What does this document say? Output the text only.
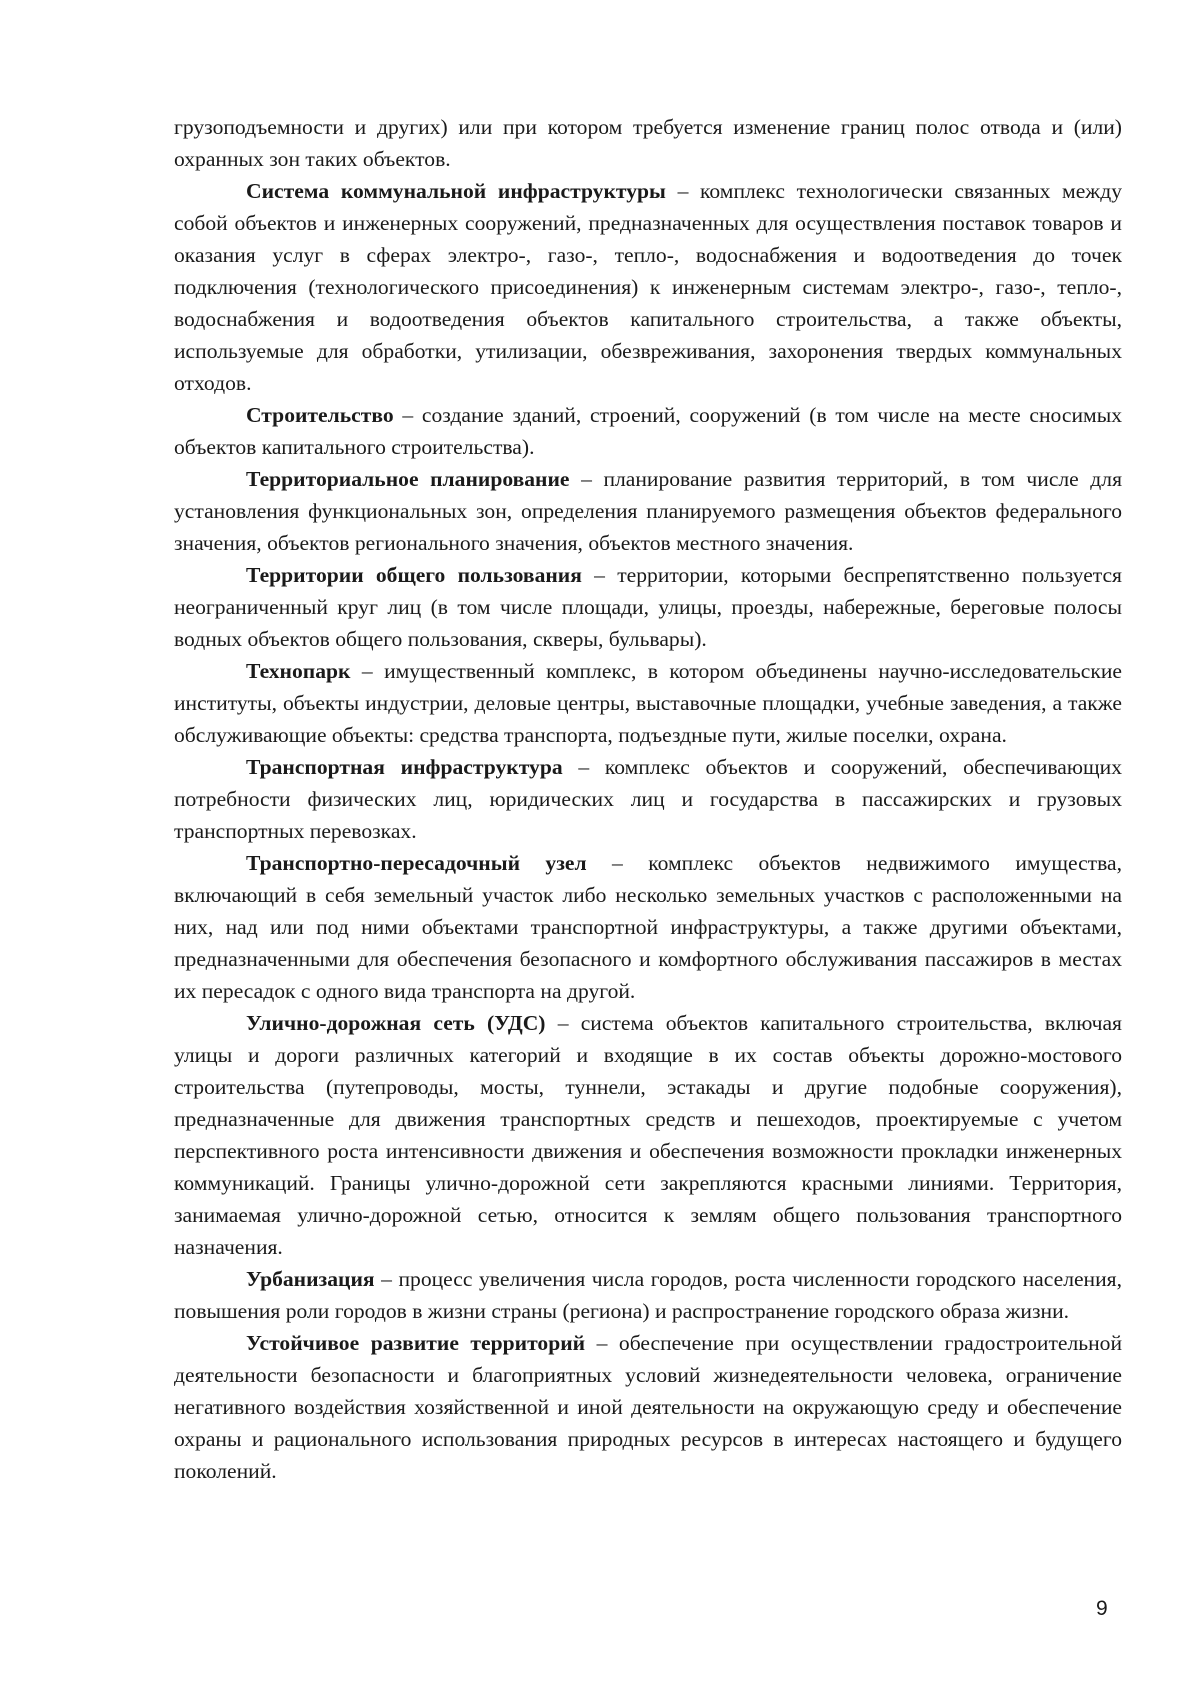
грузоподъемности и других) или при котором требуется изменение границ полос отвода и (или) охранных зон таких объектов.

Система коммунальной инфраструктуры – комплекс технологически связанных между собой объектов и инженерных сооружений, предназначенных для осуществления поставок товаров и оказания услуг в сферах электро-, газо-, тепло-, водоснабжения и водоотведения до точек подключения (технологического присоединения) к инженерным системам электро-, газо-, тепло-, водоснабжения и водоотведения объектов капитального строительства, а также объекты, используемые для обработки, утилизации, обезвреживания, захоронения твердых коммунальных отходов.

Строительство – создание зданий, строений, сооружений (в том числе на месте сносимых объектов капитального строительства).

Территориальное планирование – планирование развития территорий, в том числе для установления функциональных зон, определения планируемого размещения объектов федерального значения, объектов регионального значения, объектов местного значения.

Территории общего пользования – территории, которыми беспрепятственно пользуется неограниченный круг лиц (в том числе площади, улицы, проезды, набережные, береговые полосы водных объектов общего пользования, скверы, бульвары).

Технопарк – имущественный комплекс, в котором объединены научно-исследовательские институты, объекты индустрии, деловые центры, выставочные площадки, учебные заведения, а также обслуживающие объекты: средства транспорта, подъездные пути, жилые поселки, охрана.

Транспортная инфраструктура – комплекс объектов и сооружений, обеспечивающих потребности физических лиц, юридических лиц и государства в пассажирских и грузовых транспортных перевозках.

Транспортно-пересадочный узел – комплекс объектов недвижимого имущества, включающий в себя земельный участок либо несколько земельных участков с расположенными на них, над или под ними объектами транспортной инфраструктуры, а также другими объектами, предназначенными для обеспечения безопасного и комфортного обслуживания пассажиров в местах их пересадок с одного вида транспорта на другой.

Улично-дорожная сеть (УДС) – система объектов капитального строительства, включая улицы и дороги различных категорий и входящие в их состав объекты дорожно-мостового строительства (путепроводы, мосты, туннели, эстакады и другие подобные сооружения), предназначенные для движения транспортных средств и пешеходов, проектируемые с учетом перспективного роста интенсивности движения и обеспечения возможности прокладки инженерных коммуникаций. Границы улично-дорожной сети закрепляются красными линиями. Территория, занимаемая улично-дорожной сетью, относится к землям общего пользования транспортного назначения.

Урбанизация – процесс увеличения числа городов, роста численности городского населения, повышения роли городов в жизни страны (региона) и распространение городского образа жизни.

Устойчивое развитие территорий – обеспечение при осуществлении градостроительной деятельности безопасности и благоприятных условий жизнедеятельности человека, ограничение негативного воздействия хозяйственной и иной деятельности на окружающую среду и обеспечение охраны и рационального использования природных ресурсов в интересах настоящего и будущего поколений.

9
